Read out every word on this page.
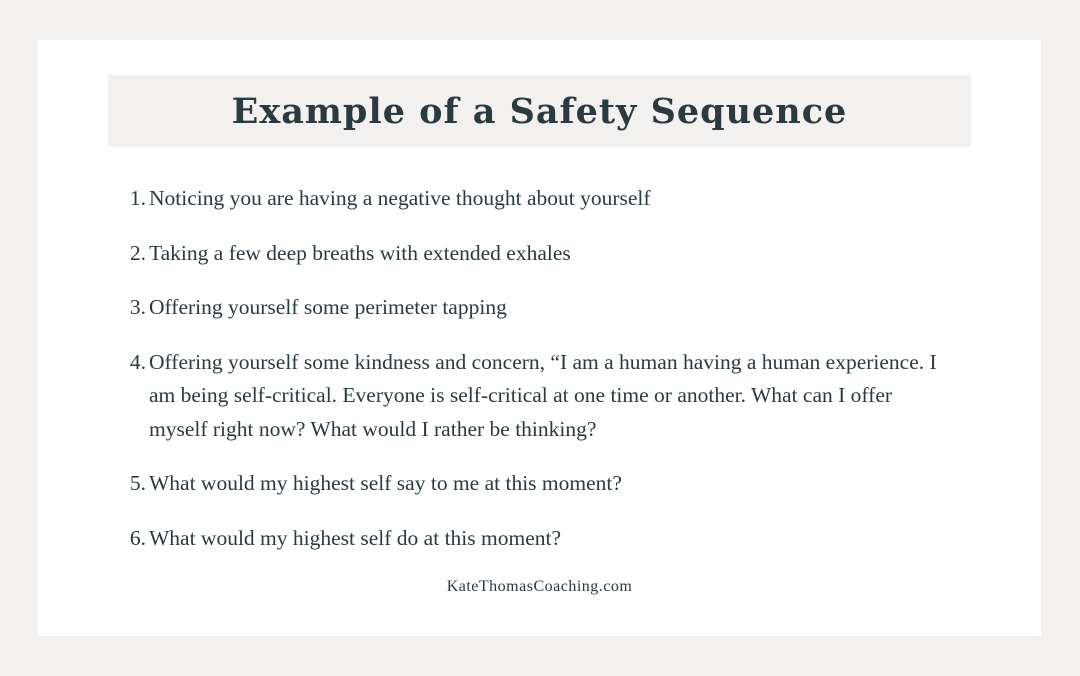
Example of a Safety Sequence
1. Noticing you are having a negative thought about yourself
2. Taking a few deep breaths with extended exhales
3. Offering yourself some perimeter tapping
4. Offering yourself some kindness and concern, “I am a human having a human experience. I am being self-critical. Everyone is self-critical at one time or another. What can I offer myself right now? What would I rather be thinking?
5. What would my highest self say to me at this moment?
6. What would my highest self do at this moment?
KateThomasCoaching.com
